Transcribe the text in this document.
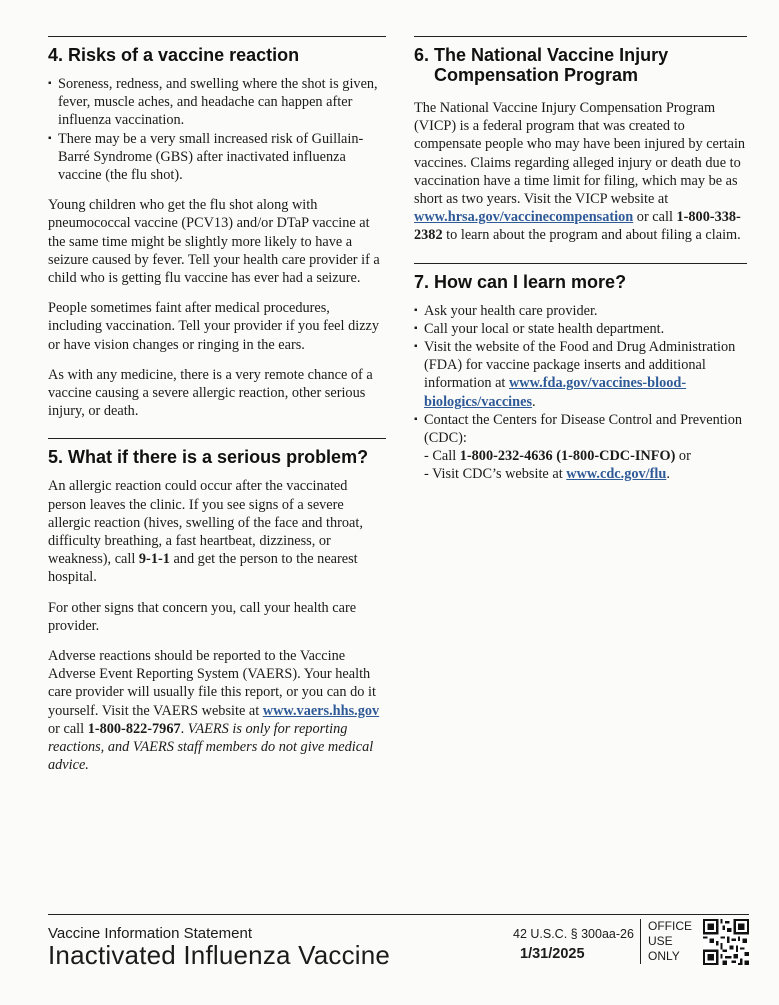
4. Risks of a vaccine reaction
▪ Soreness, redness, and swelling where the shot is given, fever, muscle aches, and headache can happen after influenza vaccination.
▪ There may be a very small increased risk of Guillain-Barré Syndrome (GBS) after inactivated influenza vaccine (the flu shot).

Young children who get the flu shot along with pneumococcal vaccine (PCV13) and/or DTaP vaccine at the same time might be slightly more likely to have a seizure caused by fever. Tell your health care provider if a child who is getting flu vaccine has ever had a seizure.

People sometimes faint after medical procedures, including vaccination. Tell your provider if you feel dizzy or have vision changes or ringing in the ears.

As with any medicine, there is a very remote chance of a vaccine causing a severe allergic reaction, other serious injury, or death.

5. What if there is a serious problem?

An allergic reaction could occur after the vaccinated person leaves the clinic. If you see signs of a severe allergic reaction (hives, swelling of the face and throat, difficulty breathing, a fast heartbeat, dizziness, or weakness), call 9-1-1 and get the person to the nearest hospital.

For other signs that concern you, call your health care provider.

Adverse reactions should be reported to the Vaccine Adverse Event Reporting System (VAERS). Your health care provider will usually file this report, or you can do it yourself. Visit the VAERS website at www.vaers.hhs.gov or call 1-800-822-7967. VAERS is only for reporting reactions, and VAERS staff members do not give medical advice.

6. The National Vaccine Injury
Compensation Program

The National Vaccine Injury Compensation Program (VICP) is a federal program that was created to compensate people who may have been injured by certain vaccines. Claims regarding alleged injury or death due to vaccination have a time limit for filing, which may be as short as two years. Visit the VICP website at www.hrsa.gov/vaccinecompensation or call 1-800-338-2382 to learn about the program and about filing a claim.

7. How can I learn more?
▪ Ask your health care provider.
▪ Call your local or state health department.
▪ Visit the website of the Food and Drug Administration (FDA) for vaccine package inserts and additional information at www.fda.gov/vaccines-blood-biologics/vaccines.
▪ Contact the Centers for Disease Control and Prevention (CDC):
- Call 1-800-232-4636 (1-800-CDC-INFO) or
- Visit CDC’s website at www.cdc.gov/flu.
Vaccine Information Statement
Inactivated Influenza Vaccine
42 U.S.C. § 300aa-26
1/31/2025
OFFICE
USE
ONLY
